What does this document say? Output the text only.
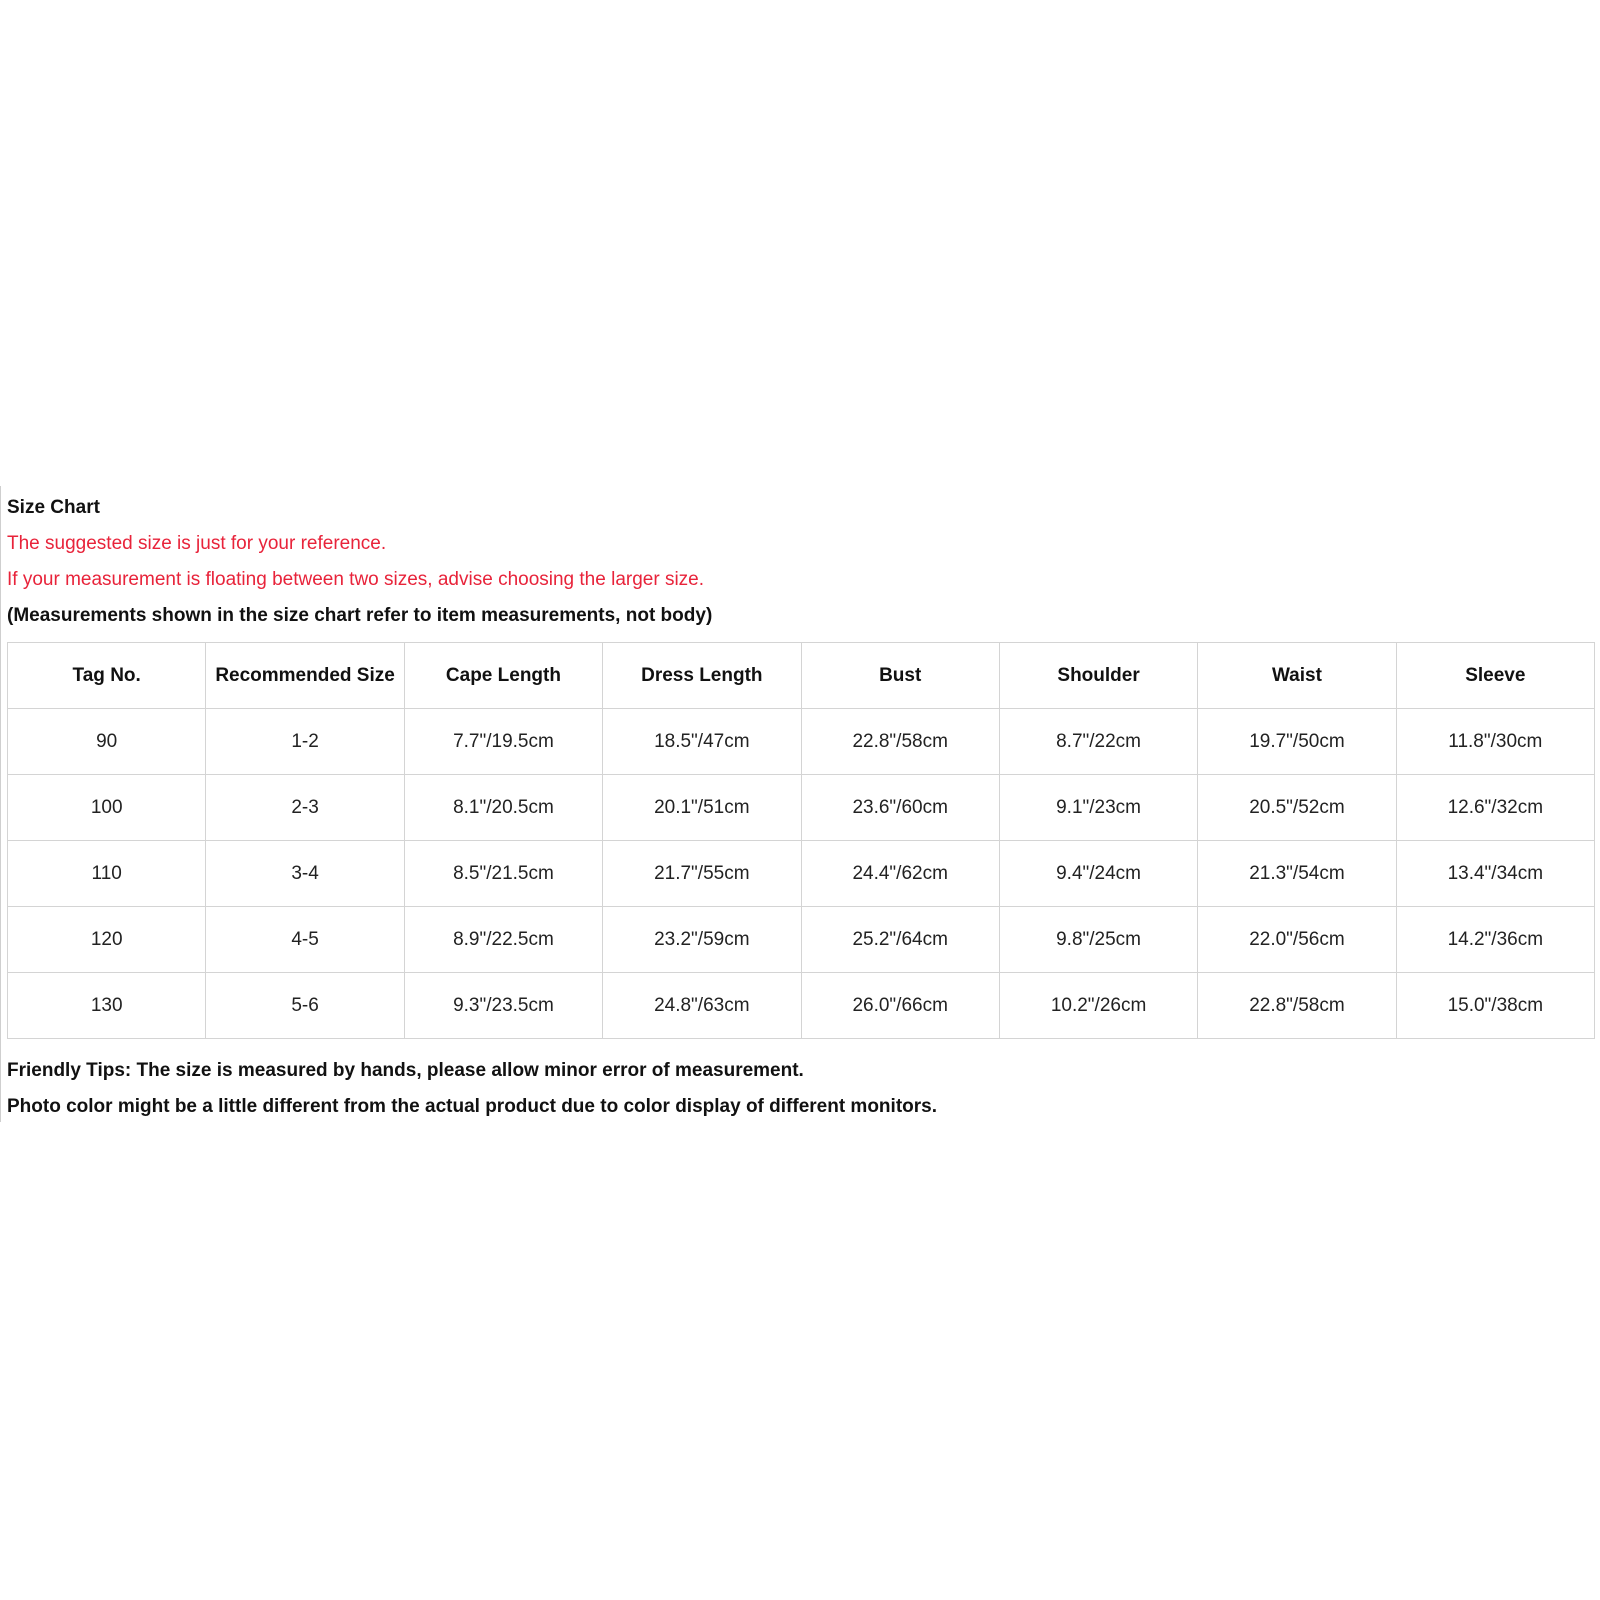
Size Chart
The suggested size is just for your reference.
If your measurement is floating between two sizes, advise choosing the larger size.
(Measurements shown in the size chart refer to item measurements, not body)
Tag No.	Recommended Size	Cape Length	Dress Length	Bust	Shoulder	Waist	Sleeve
90	1-2	7.7"/19.5cm	18.5"/47cm	22.8"/58cm	8.7"/22cm	19.7"/50cm	11.8"/30cm
100	2-3	8.1"/20.5cm	20.1"/51cm	23.6"/60cm	9.1"/23cm	20.5"/52cm	12.6"/32cm
110	3-4	8.5"/21.5cm	21.7"/55cm	24.4"/62cm	9.4"/24cm	21.3"/54cm	13.4"/34cm
120	4-5	8.9"/22.5cm	23.2"/59cm	25.2"/64cm	9.8"/25cm	22.0"/56cm	14.2"/36cm
130	5-6	9.3"/23.5cm	24.8"/63cm	26.0"/66cm	10.2"/26cm	22.8"/58cm	15.0"/38cm
Friendly Tips: The size is measured by hands, please allow minor error of measurement.
Photo color might be a little different from the actual product due to color display of different monitors.
